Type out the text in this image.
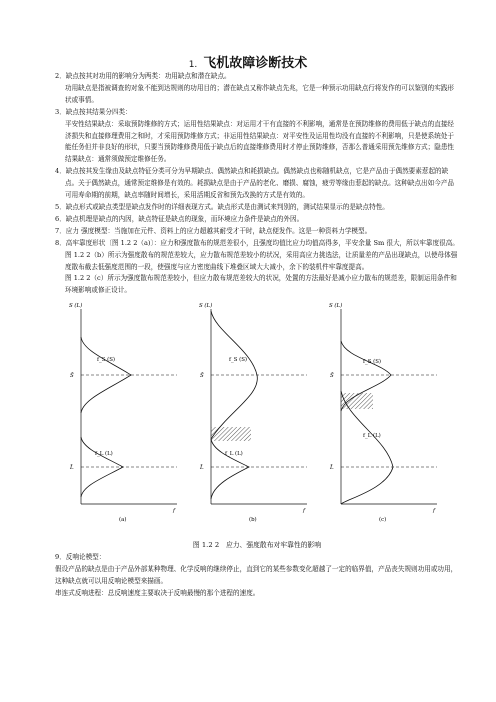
1. 飞机故障诊断技术

2．缺点按其对功用的影响分为两类：功用缺点和潜在缺点。

功用缺点是指被调查的对象不能到达规则的功用目的；潜在缺点又称作缺点先兆，它是一种预示功用缺点行将发作的可以鉴别的实践形状或事情。

3．缺点按其结果分四类：

平安性结果缺点：采取预防维修的方式；运用性结果缺点：对运用才干有直接的不利影响，通常是在预防维修的费用低于缺点的直接经济损失和直接修理费用之和时，才采用预防维修方式；非运用性结果缺点：对平安性及运用性均没有直接的不利影响，只是使系统处于能任务但并非良好的形状，只要当预防维修费用低于缺点后的直接维修费用时才停止预防维修，否那么普通采用预先维修方式；隐患性结果缺点：通常须做预定维修任务。

4．缺点按其发生缘由及缺点特征分类可分为早期缺点、偶然缺点和耗损缺点。偶然缺点也称随机缺点，它是产品由于偶然要素惹起的缺点。关于偶然缺点，通常预定维修是有效的。耗损缺点是由于产品的老化、磨损、腐蚀，疲劳等缘由惹起的缺点。这种缺点出如今产品可用寿命期的前期，缺点率随时间增长，采用活期反省和预先改换的方式是有效的。

5．缺点形式或缺点类型是缺点发作时的详细表现方式。缺点形式是由测试来判别的，测试结果显示的是缺点特性。

6．缺点机理是缺点的内因，缺点特征是缺点的现象，而环境应力条件是缺点的外因。

7．应力 强度模型：当施加在元件、资料上的应力超越其耐受才干时，缺点便发作。这是一种资料力学模型。

8．高牢靠度形状〔图 1.2 2（a)〕：应力和强度散布的规范差很小，且强度均值比应力均值高得多，平安余量 Sm 很大，所以牢靠度很高。

图 1.2 2（b）所示为强度散布的规范差较大，应力散布规范差较小的状况，采用高应力挑选法，让质量差的产品出现缺点，以使母体强度散布截去低强度范围的一段，使强度与应力密度曲线下堆叠区域大大减小，余下的装机件牢靠度提高。

图 1.2 2（c）所示为强度散布规范差较小，但应力散布规范差较大的状况，处置的方法最好是减小应力散布的规范差，限制运用条件和环境影响或修正设计。

S (L)
f
S̄
L̄
f_S (S)
f_L (L)
(a)
S (L)
f
S̄
L̄
f_S (S)
f_L (L)
(b)
S (L)
f
S̄
L̄
f_S (S)
f_L (L)
(c)

图 1.2 2　应力、强度散布对牢靠性的影响

9．反响论模型：

假设产品的缺点是由于产品外部某种物理、化学反响的继续停止，直到它的某些参数变化超越了一定的临界值，产品丧失规则功用或功用，这种缺点就可以用反响论模型来描画。

串连式反响进程：总反响速度主要取决于反响最慢的那个进程的速度。
